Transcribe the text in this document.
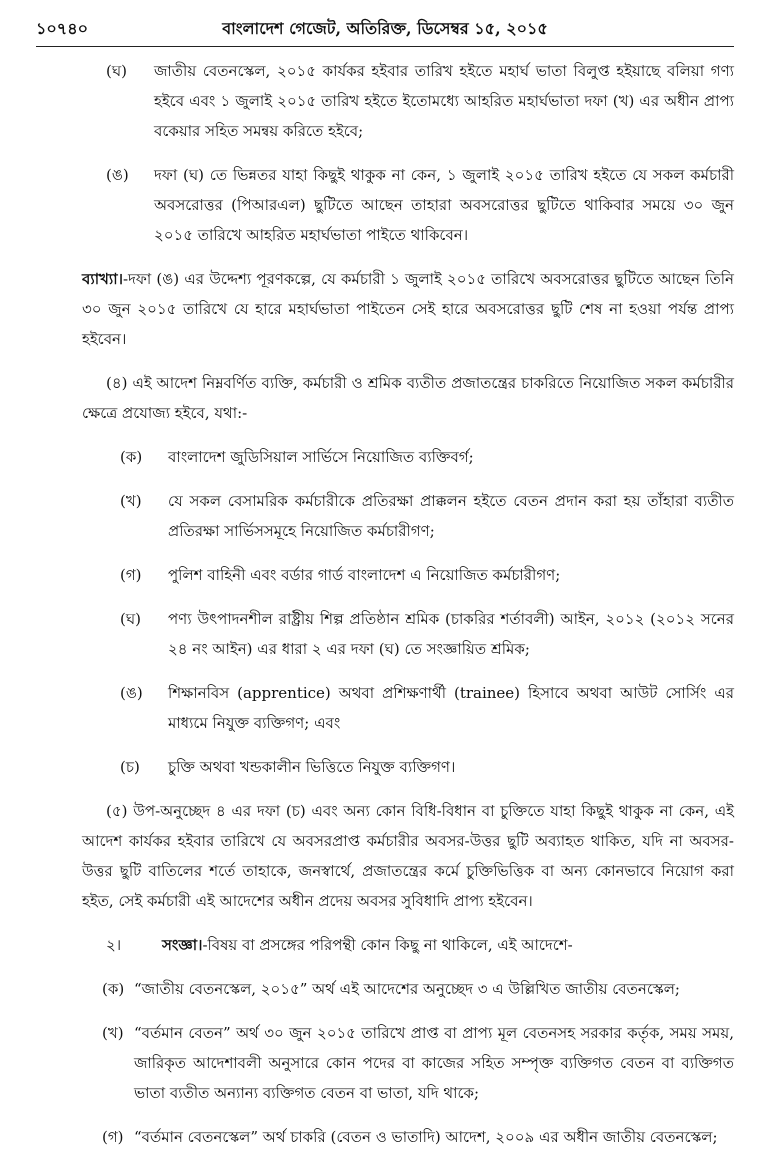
১০৭৪০	বাংলাদেশ গেজেট, অতিরিক্ত, ডিসেম্বর ১৫, ২০১৫
(ঘ)	জাতীয় বেতনস্কেল, ২০১৫ কার্যকর হইবার তারিখ হইতে মহার্ঘ ভাতা বিলুপ্ত হইয়াছে বলিয়া গণ্য হইবে এবং ১ জুলাই ২০১৫ তারিখ হইতে ইতোমধ্যে আহরিত মহার্ঘভাতা দফা (খ) এর অধীন প্রাপ্য বকেয়ার সহিত সমন্বয় করিতে হইবে;
(ঙ)	দফা (ঘ) তে ভিন্নতর যাহা কিছুই থাকুক না কেন, ১ জুলাই ২০১৫ তারিখ হইতে যে সকল কর্মচারী অবসরোত্তর (পিআরএল) ছুটিতে আছেন তাহারা অবসরোত্তর ছুটিতে থাকিবার সময়ে ৩০ জুন ২০১৫ তারিখে আহরিত মহার্ঘভাতা পাইতে থাকিবেন।

ব্যাখ্যা।-দফা (ঙ) এর উদ্দেশ্য পূরণকল্পে, যে কর্মচারী ১ জুলাই ২০১৫ তারিখে অবসরোত্তর ছুটিতে আছেন তিনি ৩০ জুন ২০১৫ তারিখে যে হারে মহার্ঘভাতা পাইতেন সেই হারে অবসরোত্তর ছুটি শেষ না হওয়া পর্যন্ত প্রাপ্য হইবেন।

(৪) এই আদেশ নিম্নবর্ণিত ব্যক্তি, কর্মচারী ও শ্রমিক ব্যতীত প্রজাতন্ত্রের চাকরিতে নিয়োজিত সকল কর্মচারীর ক্ষেত্রে প্রযোজ্য হইবে, যথা:-

(ক)	বাংলাদেশ জুডিসিয়াল সার্ভিসে নিয়োজিত ব্যক্তিবর্গ;
(খ)	যে সকল বেসামরিক কর্মচারীকে প্রতিরক্ষা প্রাক্কলন হইতে বেতন প্রদান করা হয় তাঁহারা ব্যতীত প্রতিরক্ষা সার্ভিসসমূহে নিয়োজিত কর্মচারীগণ;
(গ)	পুলিশ বাহিনী এবং বর্ডার গার্ড বাংলাদেশ এ নিয়োজিত কর্মচারীগণ;
(ঘ)	পণ্য উৎপাদনশীল রাষ্ট্রীয় শিল্প প্রতিষ্ঠান শ্রমিক (চাকরির শর্তাবলী) আইন, ২০১২ (২০১২ সনের ২৪ নং আইন) এর ধারা ২ এর দফা (ঘ) তে সংজ্ঞায়িত শ্রমিক;
(ঙ)	শিক্ষানবিস (apprentice) অথবা প্রশিক্ষণার্থী (trainee) হিসাবে অথবা আউট সোর্সিং এর মাধ্যমে নিযুক্ত ব্যক্তিগণ; এবং
(চ)	চুক্তি অথবা খন্ডকালীন ভিত্তিতে নিযুক্ত ব্যক্তিগণ।

(৫) উপ-অনুচ্ছেদ ৪ এর দফা (চ) এবং অন্য কোন বিধি-বিধান বা চুক্তিতে যাহা কিছুই থাকুক না কেন, এই আদেশ কার্যকর হইবার তারিখে যে অবসরপ্রাপ্ত কর্মচারীর অবসর-উত্তর ছুটি অব্যাহত থাকিত, যদি না অবসর-উত্তর ছুটি বাতিলের শর্তে তাহাকে, জনস্বার্থে, প্রজাতন্ত্রের কর্মে চুক্তিভিত্তিক বা অন্য কোনভাবে নিয়োগ করা হইত, সেই কর্মচারী এই আদেশের অধীন প্রদেয় অবসর সুবিধাদি প্রাপ্য হইবেন।

২।	সংজ্ঞা।-বিষয় বা প্রসঙ্গের পরিপন্থী কোন কিছু না থাকিলে, এই আদেশে-
(ক) “জাতীয় বেতনস্কেল, ২০১৫” অর্থ এই আদেশের অনুচ্ছেদ ৩ এ উল্লিখিত জাতীয় বেতনস্কেল;
(খ) “বর্তমান বেতন” অর্থ ৩০ জুন ২০১৫ তারিখে প্রাপ্ত বা প্রাপ্য মূল বেতনসহ সরকার কর্তৃক, সময় সময়, জারিকৃত আদেশাবলী অনুসারে কোন পদের বা কাজের সহিত সম্পৃক্ত ব্যক্তিগত বেতন বা ব্যক্তিগত ভাতা ব্যতীত অন্যান্য ব্যক্তিগত বেতন বা ভাতা, যদি থাকে;
(গ) “বর্তমান বেতনস্কেল” অর্থ চাকরি (বেতন ও ভাতাদি) আদেশ, ২০০৯ এর অধীন জাতীয় বেতনস্কেল;
